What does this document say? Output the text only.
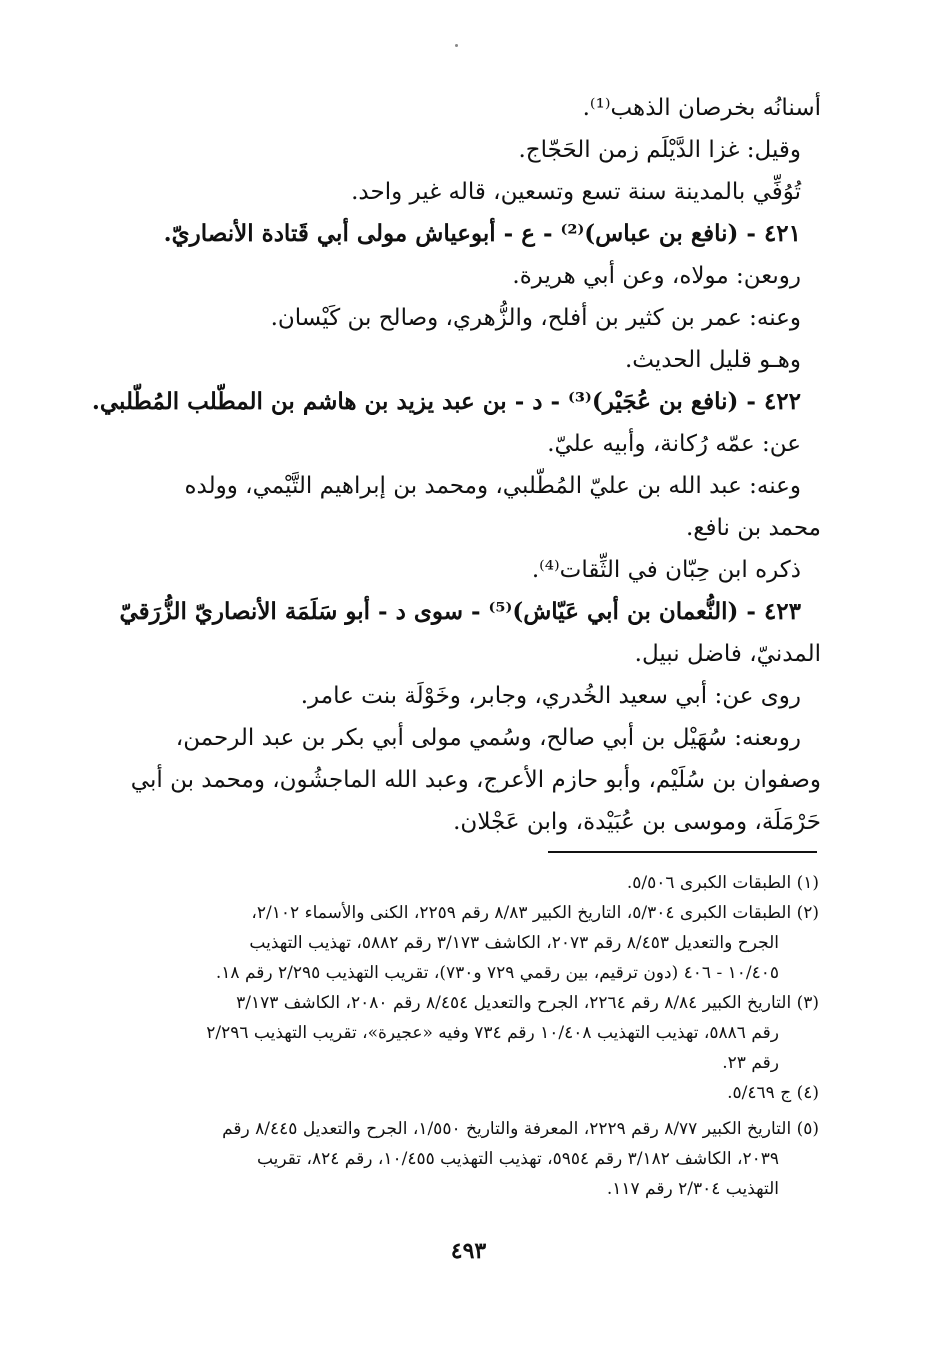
أسنانُه بخرصان الذهب⁽¹⁾.
وقيل: غزا الدَّيْلَم زمن الحَجّاج.
تُوُفِّي بالمدينة سنة تسع وتسعين، قاله غير واحد.
٤٢١ - (نافع بن عباس)⁽²⁾ - ع - أبوعياش مولى أبي قَتادة الأنصاريّ.
روىعن: مولاه، وعن أبي هريرة.
وعنه: عمر بن كثير بن أفلح، والزُّهري، وصالح بن كَيْسان.
وهـو قليل الحديث.
٤٢٢ - (نافع بن عُجَيْر)⁽³⁾ - د - بن عبد يزيد بن هاشم بن المطّلب المُطّلبي.
عن: عمّه رُكانة، وأبيه عليّ.
وعنه: عبد الله بن عليّ المُطّلبي، ومحمد بن إبراهيم التَّيْمي، وولده
محمد بن نافع.
ذكره ابن حِبّان في الثِّقات⁽⁴⁾.
٤٢٣ - (النُّعمان بن أبي عَيّاش)⁽⁵⁾ - سوى د - أبو سَلَمَة الأنصاريّ الزُّرَقيّ
المدنيّ، فاضل نبيل.
روى عن: أبي سعيد الخُدري، وجابر، وخَوْلَة بنت عامر.
روىعنه: سُهَيْل بن أبي صالح، وسُمي مولى أبي بكر بن عبد الرحمن،
وصفوان بن سُلَيْم، وأبو حازم الأعرج، وعبد الله الماجشُون، ومحمد بن أبي
حَرْمَلَة، وموسى بن عُبَيْدة، وابن عَجْلان.
(١) الطبقات الكبرى ٥/٥٠٦.
(٢) الطبقات الكبرى ٥/٣٠٤، التاريخ الكبير ٨/٨٣ رقم ٢٢٥٩، الكنى والأسماء ٢/١٠٢،
الجرح والتعديل ٨/٤٥٣ رقم ٢٠٧٣، الكاشف ٣/١٧٣ رقم ٥٨٨٢، تهذيب التهذيب
١٠/٤٠٥ - ٤٠٦ (دون ترقيم، بين رقمي ٧٢٩ و٧٣٠)، تقريب التهذيب ٢/٢٩٥ رقم ١٨.
(٣) التاريخ الكبير ٨/٨٤ رقم ٢٢٦٤، الجرح والتعديل ٨/٤٥٤ رقم ٢٠٨٠، الكاشف ٣/١٧٣
رقم ٥٨٨٦، تهذيب التهذيب ١٠/٤٠٨ رقم ٧٣٤ وفيه «عجيرة»، تقريب التهذيب ٢/٢٩٦
رقم ٢٣.
(٤) ج ٥/٤٦٩.
(٥) التاريخ الكبير ٨/٧٧ رقم ٢٢٢٩، المعرفة والتاريخ ١/٥٥٠، الجرح والتعديل ٨/٤٤٥ رقم
٢٠٣٩، الكاشف ٣/١٨٢ رقم ٥٩٥٤، تهذيب التهذيب ١٠/٤٥٥، رقم ٨٢٤، تقريب
التهذيب ٢/٣٠٤ رقم ١١٧.
٤٩٣
